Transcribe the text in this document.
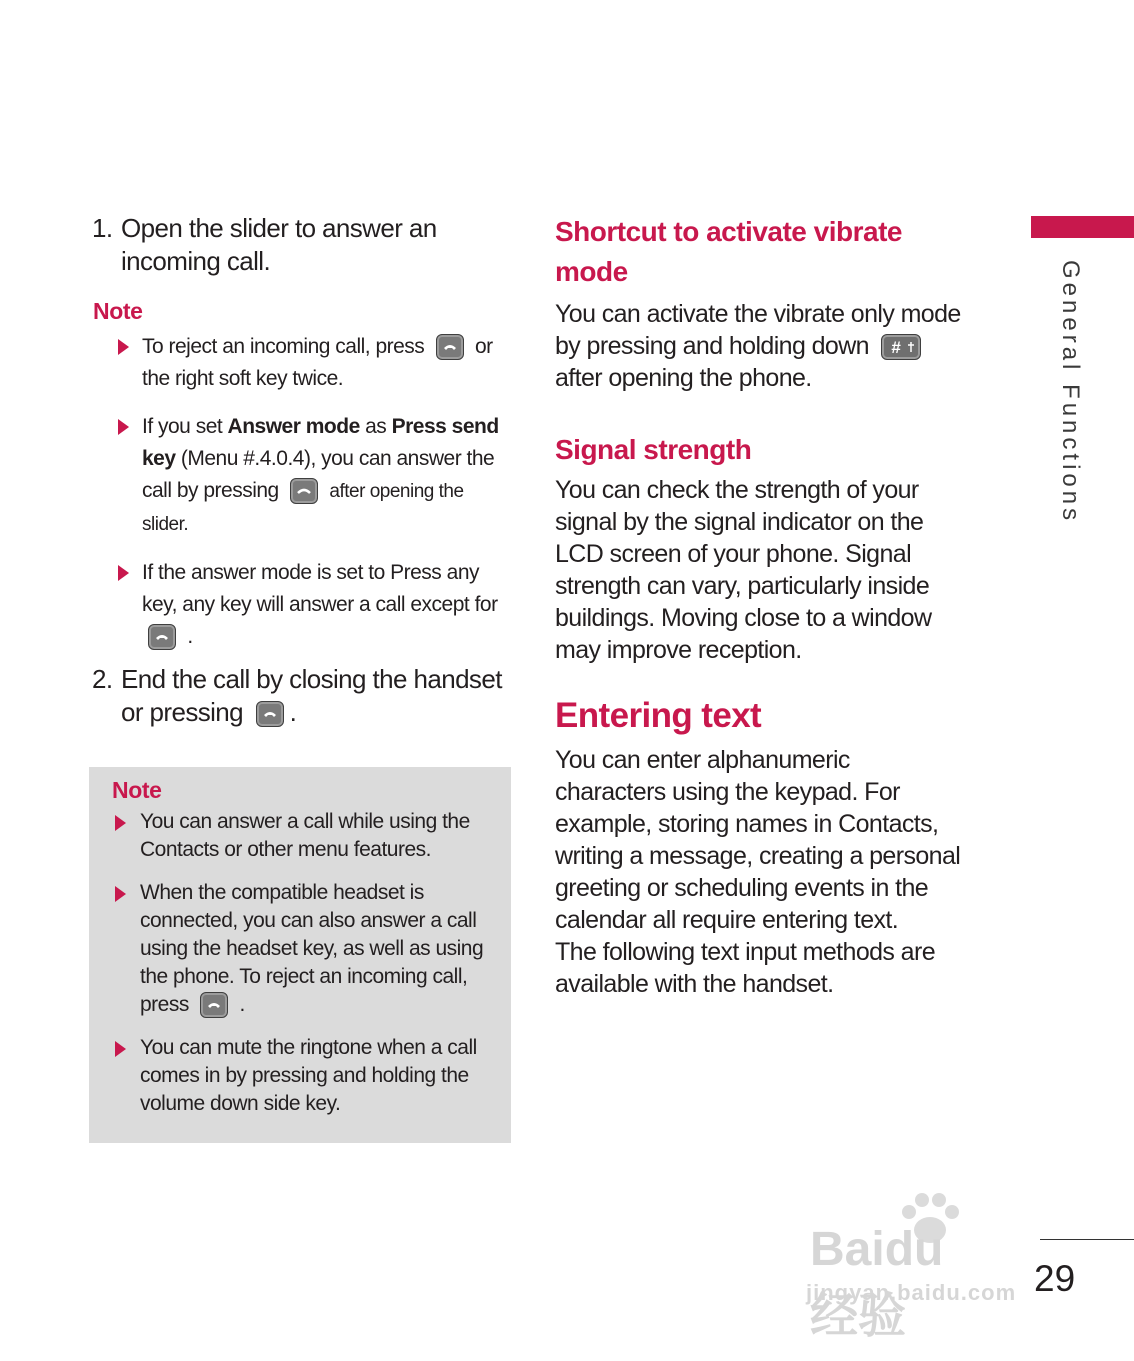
1. Open the slider to answer an incoming call.
Note
To reject an incoming call, press or the right soft key twice.
If you set Answer mode as Press send key (Menu #.4.0.4), you can answer the call by pressing	after opening the slider.
If the answer mode is set to Press any key, any key will answer a call except for
.
2. End the call by closing the handset or pressing .
Note
You can answer a call while using the Contacts or other menu features.
When the compatible headset is connected, you can also answer a call using the headset key, as well as using the phone. To reject an incoming call, press .
You can mute the ringtone when a call comes in by pressing and holding the volume down side key.
Shortcut to activate vibrate mode

You can activate the vibrate only mode by pressing and holding down #
after opening the phone.

Signal strength

You can check the strength of your signal by the signal indicator on the LCD screen of your phone. Signal strength can vary, particularly inside buildings. Moving close to a window may improve reception.

Entering text

You can enter alphanumeric characters using the keypad. For example, storing names in Contacts, writing a message, creating a personal greeting or scheduling events in the calendar all require entering text.

The following text input methods are available with the handset.

General Functions
29
Baidu经验
jingyan.baidu.com
